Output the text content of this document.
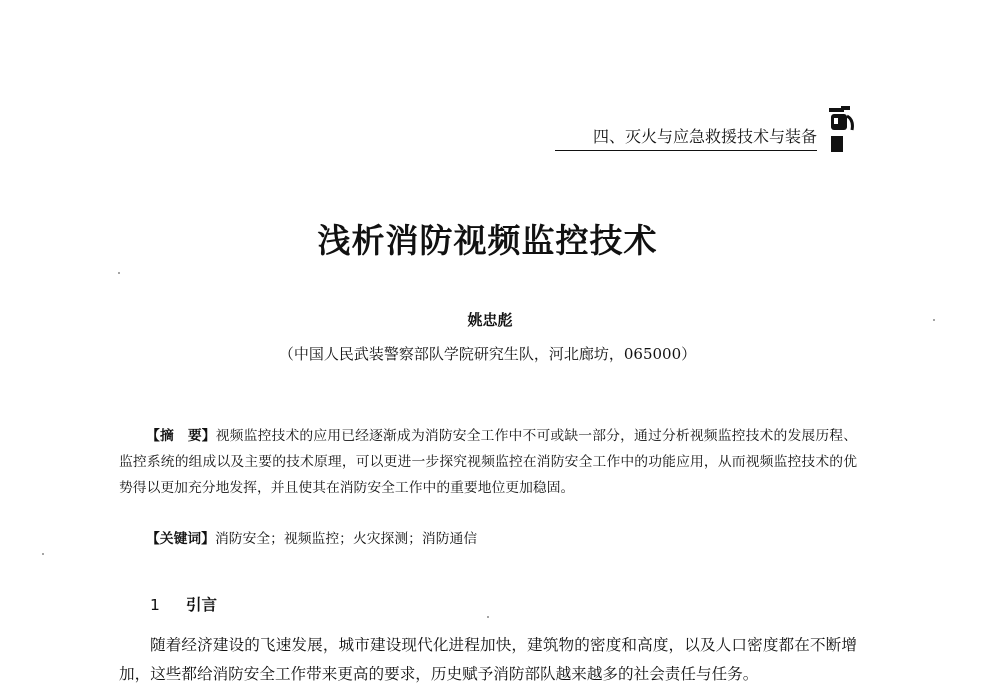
四、灭火与应急救援技术与装备
浅析消防视频监控技术
姚忠彪
（中国人民武装警察部队学院研究生队，河北廊坊，065000）

【摘　要】视频监控技术的应用已经逐渐成为消防安全工作中不可或缺一部分，通过分析视频监控技术的发展历程、监控系统的组成以及主要的技术原理，可以更进一步探究视频监控在消防安全工作中的功能应用，从而视频监控技术的优势得以更加充分地发挥，并且使其在消防安全工作中的重要地位更加稳固。

【关键词】消防安全；视频监控；火灾探测；消防通信
1 引言

随着经济建设的飞速发展，城市建设现代化进程加快，建筑物的密度和高度，以及人口密度都在不断增加，这些都给消防安全工作带来更高的要求，历史赋予消防部队越来越多的社会责任与任务。
